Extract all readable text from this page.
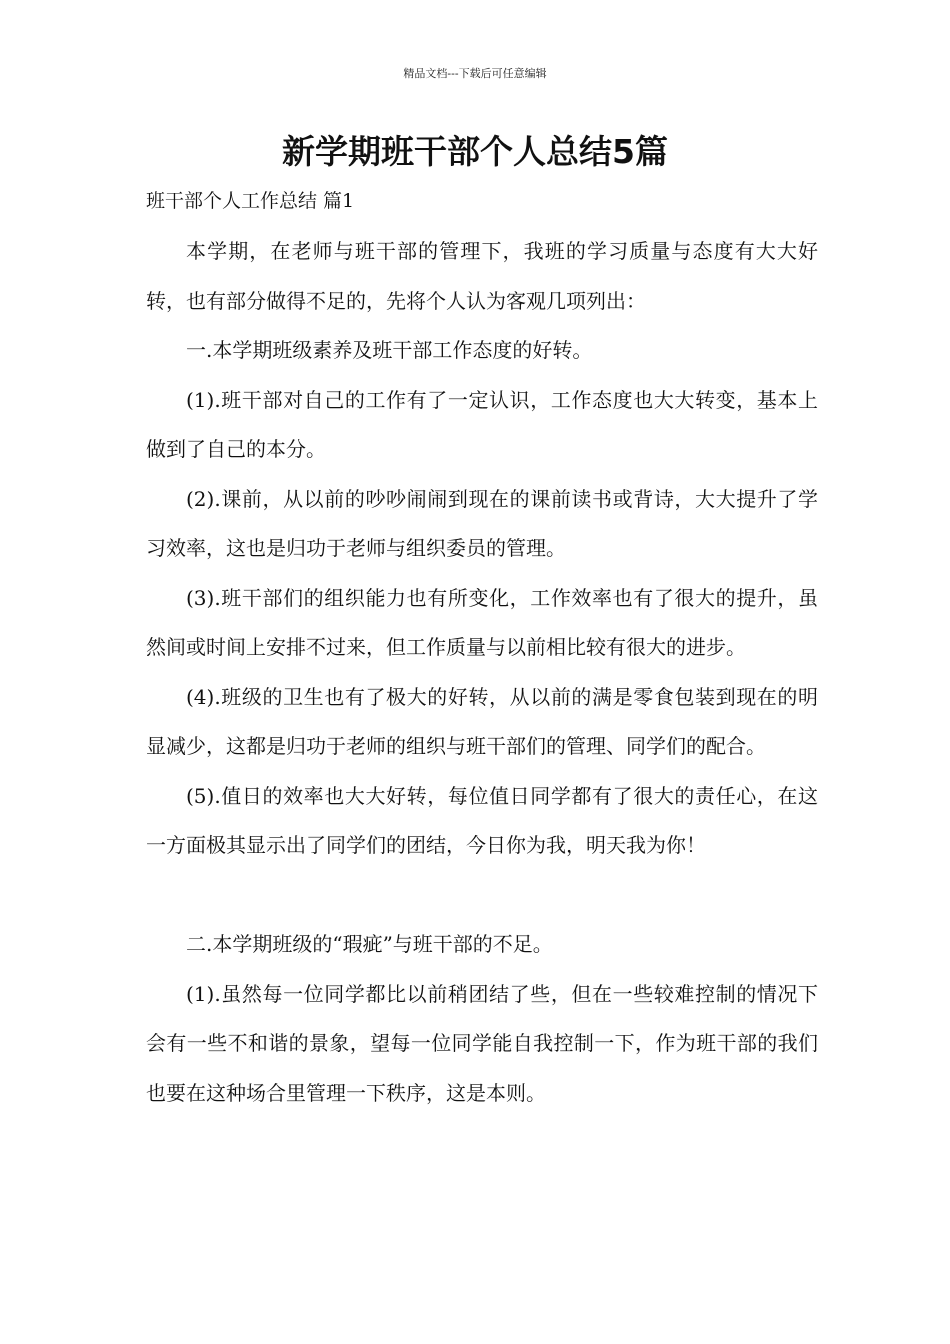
精品文档---下载后可任意编辑
新学期班干部个人总结5篇

班干部个人工作总结 篇1

本学期，在老师与班干部的管理下，我班的学习质量与态度有大大好转，也有部分做得不足的，先将个人认为客观几项列出：

一.本学期班级素养及班干部工作态度的好转。

(1).班干部对自己的工作有了一定认识，工作态度也大大转变，基本上做到了自己的本分。

(2).课前，从以前的吵吵闹闹到现在的课前读书或背诗，大大提升了学习效率，这也是归功于老师与组织委员的管理。

(3).班干部们的组织能力也有所变化，工作效率也有了很大的提升，虽然间或时间上安排不过来，但工作质量与以前相比较有很大的进步。

(4).班级的卫生也有了极大的好转，从以前的满是零食包装到现在的明显减少，这都是归功于老师的组织与班干部们的管理、同学们的配合。

(5).值日的效率也大大好转，每位值日同学都有了很大的责任心，在这一方面极其显示出了同学们的团结，今日你为我，明天我为你！

二.本学期班级的“瑕疵”与班干部的不足。

(1).虽然每一位同学都比以前稍团结了些，但在一些较难控制的情况下会有一些不和谐的景象，望每一位同学能自我控制一下，作为班干部的我们也要在这种场合里管理一下秩序，这是本则。
